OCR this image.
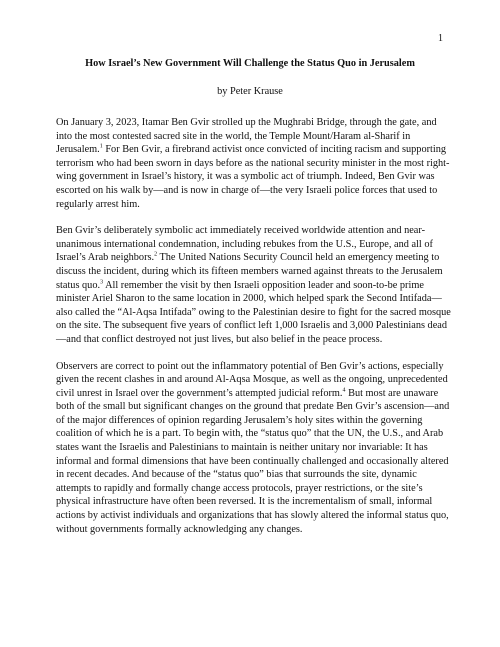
1
How Israel’s New Government Will Challenge the Status Quo in Jerusalem
by Peter Krause

On January 3, 2023, Itamar Ben Gvir strolled up the Mughrabi Bridge, through the gate, and into the most contested sacred site in the world, the Temple Mount/Haram al-Sharif in Jerusalem.$^1$ For Ben Gvir, a firebrand activist once convicted of inciting racism and supporting terrorism who had been sworn in days before as the national security minister in the most right-wing government in Israel’s history, it was a symbolic act of triumph. Indeed, Ben Gvir was escorted on his walk by—and is now in charge of—the very Israeli police forces that used to regularly arrest him.

Ben Gvir’s deliberately symbolic act immediately received worldwide attention and near-unanimous international condemnation, including rebukes from the U.S., Europe, and all of Israel’s Arab neighbors.$^2$ The United Nations Security Council held an emergency meeting to discuss the incident, during which its fifteen members warned against threats to the Jerusalem status quo.$^3$ All remember the visit by then Israeli opposition leader and soon-to-be prime minister Ariel Sharon to the same location in 2000, which helped spark the Second Intifada—also called the “Al-Aqsa Intifada” owing to the Palestinian desire to fight for the sacred mosque on the site. The subsequent five years of conflict left 1,000 Israelis and 3,000 Palestinians dead—and that conflict destroyed not just lives, but also belief in the peace process.

Observers are correct to point out the inflammatory potential of Ben Gvir’s actions, especially given the recent clashes in and around Al-Aqsa Mosque, as well as the ongoing, unprecedented civil unrest in Israel over the government’s attempted judicial reform.$^4$ But most are unaware both of the small but significant changes on the ground that predate Ben Gvir’s ascension—and of the major differences of opinion regarding Jerusalem’s holy sites within the governing coalition of which he is a part. To begin with, the “status quo” that the UN, the U.S., and Arab states want the Israelis and Palestinians to maintain is neither unitary nor invariable: It has informal and formal dimensions that have been continually challenged and occasionally altered in recent decades. And because of the “status quo” bias that surrounds the site, dynamic attempts to rapidly and formally change access protocols, prayer restrictions, or the site’s physical infrastructure have often been reversed. It is the incrementalism of small, informal actions by activist individuals and organizations that has slowly altered the informal status quo, without governments formally acknowledging any changes.
